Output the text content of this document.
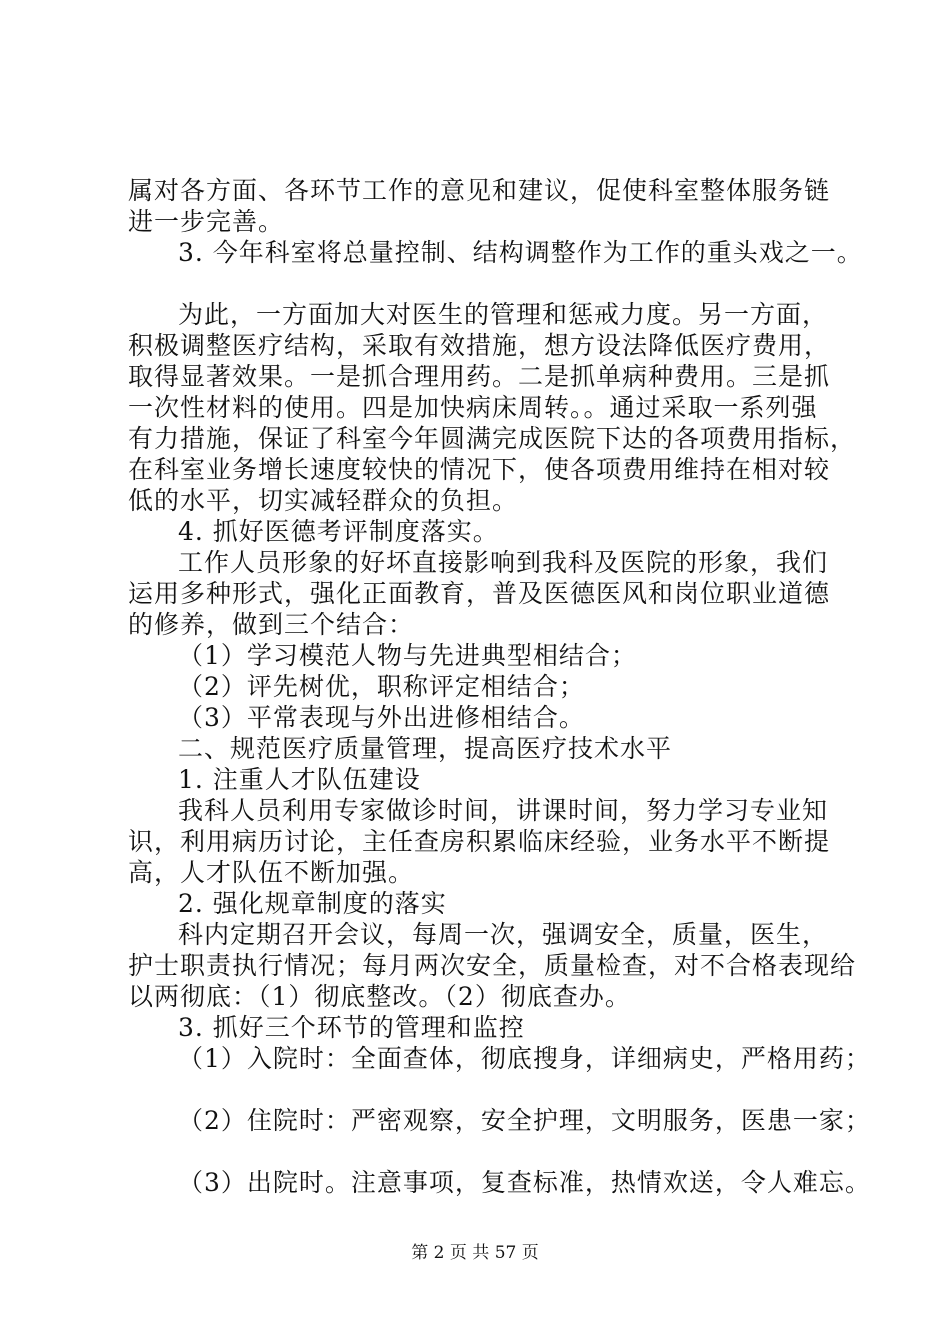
属对各方面、各环节工作的意见和建议，促使科室整体服务链
进一步完善。
3. 今年科室将总量控制、结构调整作为工作的重头戏之一。
为此，一方面加大对医生的管理和惩戒力度。另一方面，
积极调整医疗结构，采取有效措施，想方设法降低医疗费用，
取得显著效果。一是抓合理用药。二是抓单病种费用。三是抓
一次性材料的使用。四是加快病床周转。。通过采取一系列强
有力措施，保证了科室今年圆满完成医院下达的各项费用指标，
在科室业务增长速度较快的情况下，使各项费用维持在相对较
低的水平，切实减轻群众的负担。
4. 抓好医德考评制度落实。
工作人员形象的好坏直接影响到我科及医院的形象，我们
运用多种形式，强化正面教育，普及医德医风和岗位职业道德
的修养，做到三个结合：
（1）学习模范人物与先进典型相结合；
（2）评先树优，职称评定相结合；
（3）平常表现与外出进修相结合。
二、规范医疗质量管理，提高医疗技术水平
1. 注重人才队伍建设
我科人员利用专家做诊时间，讲课时间，努力学习专业知
识，利用病历讨论，主任查房积累临床经验，业务水平不断提
高，人才队伍不断加强。
2. 强化规章制度的落实
科内定期召开会议，每周一次，强调安全，质量，医生，
护士职责执行情况；每月两次安全，质量检查，对不合格表现给
以两彻底：（1）彻底整改。（2）彻底查办。
3. 抓好三个环节的管理和监控
（1）入院时：全面查体，彻底搜身，详细病史，严格用药；
（2）住院时：严密观察，安全护理，文明服务，医患一家；
（3）出院时。注意事项，复查标准，热情欢送，令人难忘。
第 2 页 共 57 页
